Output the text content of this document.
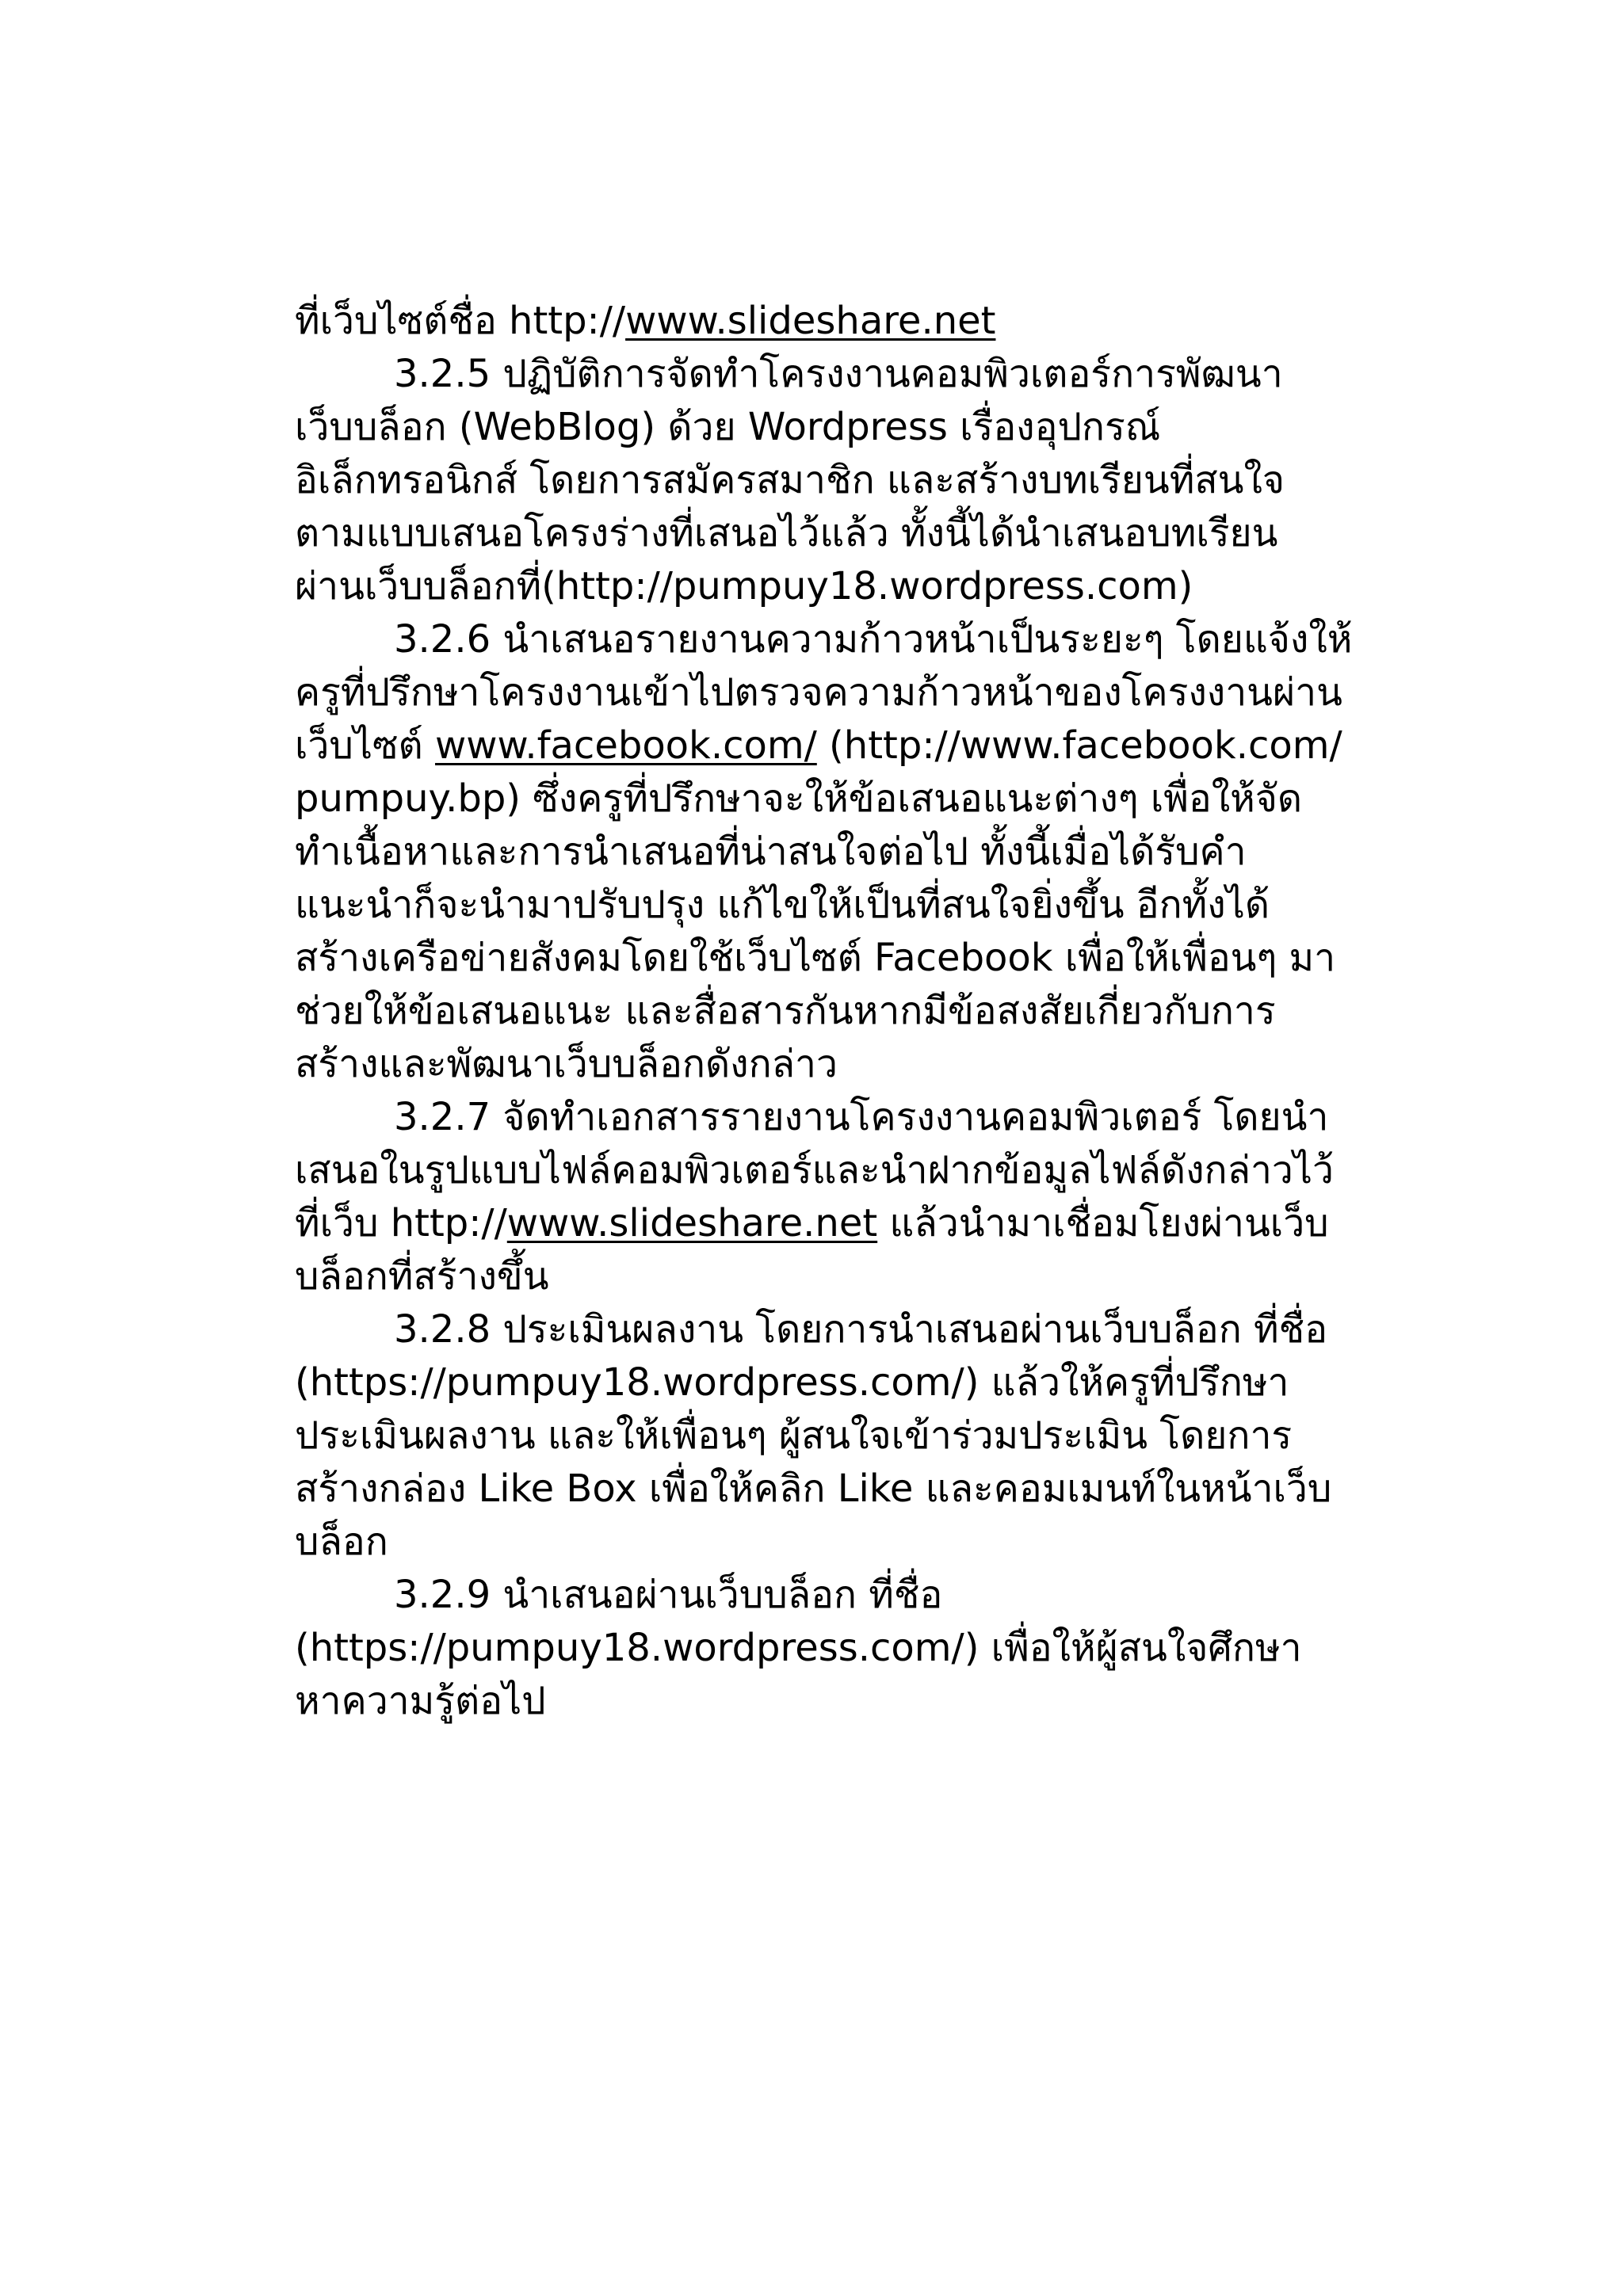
ที่เว็บไซต์ชื่อ http://www.slideshare.net
3.2.5 ปฏิบัติการจัดทำโครงงานคอมพิวเตอร์การพัฒนา
เว็บบล็อก (WebBlog) ด้วย Wordpress เรื่องอุปกรณ์
อิเล็กทรอนิกส์ โดยการสมัครสมาชิก และสร้างบทเรียนที่สนใจ
ตามแบบเสนอโครงร่างที่เสนอไว้แล้ว ทั้งนี้ได้นำเสนอบทเรียน
ผ่านเว็บบล็อกที่(http://pumpuy18.wordpress.com)
3.2.6 นำเสนอรายงานความก้าวหน้าเป็นระยะๆ โดยแจ้งให้
ครูที่ปรึกษาโครงงานเข้าไปตรวจความก้าวหน้าของโครงงานผ่าน
เว็บไซต์ www.facebook.com/ (http://www.facebook.com/
pumpuy.bp) ซึ่งครูที่ปรึกษาจะให้ข้อเสนอแนะต่างๆ เพื่อให้จัด
ทำเนื้อหาและการนำเสนอที่น่าสนใจต่อไป ทั้งนี้เมื่อได้รับคำ
แนะนำก็จะนำมาปรับปรุง แก้ไขให้เป็นที่สนใจยิ่งขึ้น อีกทั้งได้
สร้างเครือข่ายสังคมโดยใช้เว็บไซต์ Facebook เพื่อให้เพื่อนๆ มา
ช่วยให้ข้อเสนอแนะ และสื่อสารกันหากมีข้อสงสัยเกี่ยวกับการ
สร้างและพัฒนาเว็บบล็อกดังกล่าว
3.2.7 จัดทำเอกสารรายงานโครงงานคอมพิวเตอร์ โดยนำ
เสนอในรูปแบบไฟล์คอมพิวเตอร์และนำฝากข้อมูลไฟล์ดังกล่าวไว้
ที่เว็บ http://www.slideshare.net แล้วนำมาเชื่อมโยงผ่านเว็บ
บล็อกที่สร้างขึ้น
3.2.8 ประเมินผลงาน โดยการนำเสนอผ่านเว็บบล็อก ที่ชื่อ
(https://pumpuy18.wordpress.com/) แล้วให้ครูที่ปรึกษา
ประเมินผลงาน และให้เพื่อนๆ ผู้สนใจเข้าร่วมประเมิน โดยการ
สร้างกล่อง Like Box เพื่อให้คลิก Like และคอมเมนท์ในหน้าเว็บ
บล็อก
3.2.9 นำเสนอผ่านเว็บบล็อก ที่ชื่อ
(https://pumpuy18.wordpress.com/) เพื่อให้ผู้สนใจศึกษา
หาความรู้ต่อไป
